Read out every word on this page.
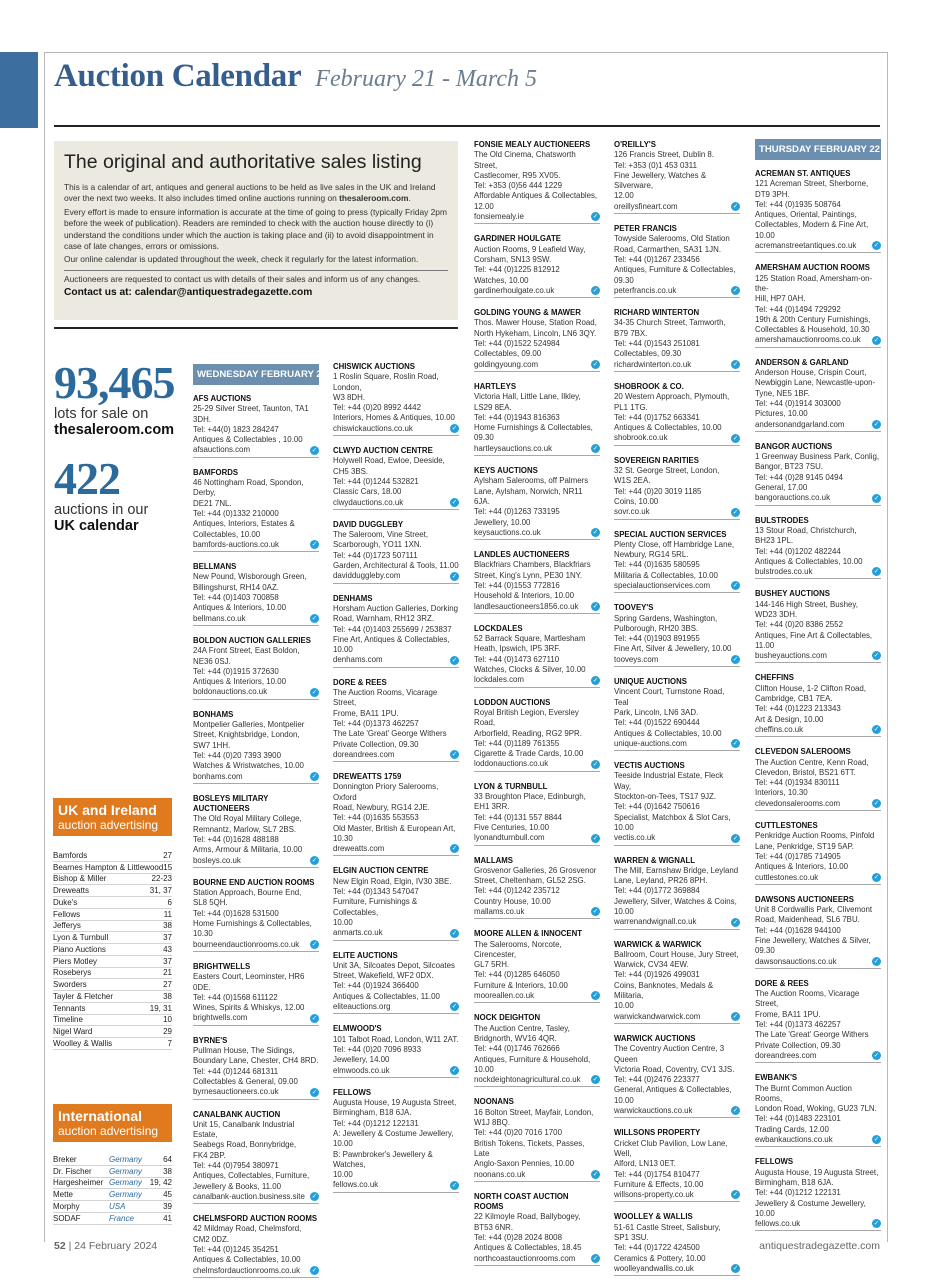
Auction Calendar February 21 - March 5
The original and authoritative sales listing

This is a calendar of art, antiques and general auctions to be held as live sales in the UK and Ireland over the next two weeks. It also includes timed online auctions running on thesaleroom.com.

Every effort is made to ensure information is accurate at the time of going to press (typically Friday 2pm before the week of publication). Readers are reminded to check with the auction house directly to (i) understand the conditions under which the auction is taking place and (ii) to avoid disappointment in case of late changes, errors or omissions.

Our online calendar is updated throughout the week, check it regularly for the latest information.

Auctioneers are requested to contact us with details of their sales and inform us of any changes.

Contact us at: calendar@antiquestradegazette.com
93,465
lots for sale on
thesaleroom.com
422
auctions in our
UK calendar
UK and Ireland
auction advertising
Bamfords	27
Bearnes Hampton & Littlewood 15
Bishop & Miller	22-23
Dreweatts	31, 37
Duke's	6
Fellows	11
Jefferys	38
Lyon & Turnbull	37
Piano Auctions	43
Piers Motley	37
Roseberys	21
Sworders	27
Tayler & Fletcher	38
Tennants	19, 31
Timeline	10
Nigel Ward	29
Woolley & Wallis	7
International
auction advertising
Breker	Germany	64
Dr. Fischer	Germany	38
Hargesheimer Germany 19, 42
Mette	Germany	45
Morphy	USA	39
SODAF	France	41
WEDNESDAY FEBRUARY 21
AFS AUCTIONS
25-29 Silver Street, Taunton, TA1 3DH.
Tel: +44(0) 1823 284247
Antiques & Collectables , 10.00
afsauctions.com	✓
BAMFORDS
46 Nottingham Road, Spondon, Derby,
DE21 7NL.
Tel: +44 (0)1332 210000
Antiques, Interiors, Estates &
Collectables, 10.00
bamfords-auctions.co.uk	✓
BELLMANS
New Pound, Wisborough Green,
Billingshurst, RH14 0AZ.
Tel: +44 (0)1403 700858
Antiques & Interiors, 10.00
bellmans.co.uk	✓
BOLDON AUCTION GALLERIES
24A Front Street, East Boldon,
NE36 0SJ.
Tel: +44 (0)1915 372630
Antiques & Interiors, 10.00
boldonauctions.co.uk	✓
BONHAMS
Montpelier Galleries, Montpelier
Street, Knightsbridge, London,
SW7 1HH.
Tel: +44 (0)20 7393 3900
Watches & Wristwatches, 10.00
bonhams.com	✓
BOSLEYS MILITARY AUCTIONEERS
The Old Royal Military College,
Remnantz, Marlow, SL7 2BS.
Tel: +44 (0)1628 488188
Arms, Armour & Militaria, 10.00
bosleys.co.uk	✓
BOURNE END AUCTION ROOMS
Station Approach, Bourne End,
SL8 5QH.
Tel: +44 (0)1628 531500
Home Furnishings & Collectables,
10.30
bourneendauctionrooms.co.uk	✓
BRIGHTWELLS
Easters Court, Leominster, HR6 0DE.
Tel: +44 (0)1568 611122
Wines, Spirits & Whiskys, 12.00
brightwells.com	✓
BYRNE'S
Pullman House, The Sidings,
Boundary Lane, Chester, CH4 8RD.
Tel: +44 (0)1244 681311
Collectables & General, 09.00
byrnesauctioneers.co.uk	✓
CANALBANK AUCTION
Unit 15, Canalbank Industrial Estate,
Seabegs Road, Bonnybridge,
FK4 2BP.
Tel: +44 (0)7954 380971
Antiques, Collectables, Furniture,
Jewellery & Books, 11.00
canalbank-auction.business.site	✓
CHELMSFORD AUCTION ROOMS
42 Mildmay Road, Chelmsford,
CM2 0DZ.
Tel: +44 (0)1245 354251
Antiques & Collectables, 10.00
chelmsfordauctionrooms.co.uk	✓
CHISWICK AUCTIONS
1 Roslin Square, Roslin Road, London,
W3 8DH.
Tel: +44 (0)20 8992 4442
Interiors, Homes & Antiques, 10.00
chiswickauctions.co.uk	✓
CLWYD AUCTION CENTRE
Holywell Road, Ewloe, Deeside,
CH5 3BS.
Tel: +44 (0)1244 532821
Classic Cars, 18.00
clwydauctions.co.uk	✓
DAVID DUGGLEBY
The Saleroom, Vine Street,
Scarborough, YO11 1XN.
Tel: +44 (0)1723 507111
Garden, Architectural & Tools, 11.00
davidduggleby.com	✓
DENHAMS
Horsham Auction Galleries, Dorking
Road, Warnham, RH12 3RZ.
Tel: +44 (0)1403 255699 / 253837
Fine Art, Antiques & Collectables,
10.00
denhams.com	✓
DORE & REES
The Auction Rooms, Vicarage Street,
Frome, BA11 1PU.
Tel: +44 (0)1373 462257
The Late 'Great' George Withers
Private Collection, 09.30
doreandrees.com	✓
DREWEATTS 1759
Donnington Priory Salerooms, Oxford
Road, Newbury, RG14 2JE.
Tel: +44 (0)1635 553553
Old Master, British & European Art,
10.30
dreweatts.com	✓
ELGIN AUCTION CENTRE
New Elgin Road, Elgin, IV30 3BE.
Tel: +44 (0)1343 547047
Furniture, Furnishings & Collectables,
10.00
anmarts.co.uk	✓
ELITE AUCTIONS
Unit 3A, Silcoates Depot, Silcoates
Street, Wakefield, WF2 0DX.
Tel: +44 (0)1924 366400
Antiques & Collectables, 11.00
eliteauctions.org	✓
ELMWOOD'S
101 Talbot Road, London, W11 2AT.
Tel: +44 (0)20 7096 8933
Jewellery, 14.00
elmwoods.co.uk	✓
FELLOWS
Augusta House, 19 Augusta Street,
Birmingham, B18 6JA.
Tel: +44 (0)1212 122131
A: Jewellery & Costume Jewellery,
10.00
B: Pawnbroker's Jewellery & Watches,
10.00
fellows.co.uk	✓
FONSIE MEALY AUCTIONEERS
The Old Cinema, Chatsworth Street,
Castlecomer, R95 XV05.
Tel: +353 (0)56 444 1229
Affordable Antiques & Collectables,
12.00
fonsiemealy.ie	✓
GARDINER HOULGATE
Auction Rooms, 9 Leafield Way,
Corsham, SN13 9SW.
Tel: +44 (0)1225 812912
Watches, 10.00
gardinerhoulgate.co.uk	✓
GOLDING YOUNG & MAWER
Thos. Mawer House, Station Road,
North Hykeham, Lincoln, LN6 3QY.
Tel: +44 (0)1522 524984
Collectables, 09.00
goldingyoung.com	✓
HARTLEYS
Victoria Hall, Little Lane, Ilkley,
LS29 8EA.
Tel: +44 (0)1943 816363
Home Furnishings & Collectables,
09.30
hartleysauctions.co.uk	✓
KEYS AUCTIONS
Aylsham Salerooms, off Palmers
Lane, Aylsham, Norwich, NR11 6JA.
Tel: +44 (0)1263 733195
Jewellery, 10.00
keysauctions.co.uk	✓
LANDLES AUCTIONEERS
Blackfriars Chambers, Blackfriars
Street, King's Lynn, PE30 1NY.
Tel: +44 (0)1553 772816
Household & Interiors, 10.00
landlesauctioneers1856.co.uk	✓
LOCKDALES
52 Barrack Square, Martlesham
Heath, Ipswich, IP5 3RF.
Tel: +44 (0)1473 627110
Watches, Clocks & Silver, 10.00
lockdales.com	✓
LODDON AUCTIONS
Royal British Legion, Eversley Road,
Arborfield, Reading, RG2 9PR.
Tel: +44 (0)1189 761355
Cigarette & Trade Cards, 10.00
loddonauctions.co.uk	✓
LYON & TURNBULL
33 Broughton Place, Edinburgh,
EH1 3RR.
Tel: +44 (0)131 557 8844
Five Centuries, 10.00
lyonandturnbull.com	✓
MALLAMS
Grosvenor Galleries, 26 Grosvenor
Street, Cheltenham, GL52 2SG.
Tel: +44 (0)1242 235712
Country House, 10.00
mallams.co.uk	✓
MOORE ALLEN & INNOCENT
The Salerooms, Norcote, Cirencester,
GL7 5RH.
Tel: +44 (0)1285 646050
Furniture & Interiors, 10.00
mooreallen.co.uk	✓
NOCK DEIGHTON
The Auction Centre, Tasley,
Bridgnorth, WV16 4QR.
Tel: +44 (0)1746 762666
Antiques, Furniture & Household,
10.00
nockdeightonagricultural.co.uk	✓
NOONANS
16 Bolton Street, Mayfair, London,
W1J 8BQ.
Tel: +44 (0)20 7016 1700
British Tokens, Tickets, Passes, Late
Anglo-Saxon Pennies, 10.00
noonans.co.uk	✓
NORTH COAST AUCTION ROOMS
22 Kilmoyle Road, Ballybogey,
BT53 6NR.
Tel: +44 (0)28 2024 8008
Antiques & Collectables, 18.45
northcoastauctionrooms.com	✓
O'REILLY'S
126 Francis Street, Dublin 8.
Tel: +353 (0)1 453 0311
Fine Jewellery, Watches & Silverware,
12.00
oreillysfineart.com	✓
PETER FRANCIS
Towyside Salerooms, Old Station
Road, Carmarthen, SA31 1JN.
Tel: +44 (0)1267 233456
Antiques, Furniture & Collectables,
09.30
peterfrancis.co.uk	✓
RICHARD WINTERTON
34-35 Church Street, Tamworth,
B79 7BX.
Tel: +44 (0)1543 251081
Collectables, 09.30
richardwinterton.co.uk	✓
SHOBROOK & CO.
20 Western Approach, Plymouth,
PL1 1TG.
Tel: +44 (0)1752 663341
Antiques & Collectables, 10.00
shobrook.co.uk	✓
SOVEREIGN RARITIES
32 St. George Street, London,
W1S 2EA.
Tel: +44 (0)20 3019 1185
Coins, 10.00
sovr.co.uk	✓
SPECIAL AUCTION SERVICES
Plenty Close, off Hambridge Lane,
Newbury, RG14 5RL.
Tel: +44 (0)1635 580595
Militaria & Collectables, 10.00
specialauctionservices.com	✓
TOOVEY'S
Spring Gardens, Washington,
Pulborough, RH20 3BS.
Tel: +44 (0)1903 891955
Fine Art, Silver & Jewellery, 10.00
tooveys.com	✓
UNIQUE AUCTIONS
Vincent Court, Turnstone Road, Teal
Park, Lincoln, LN6 3AD.
Tel: +44 (0)1522 690444
Antiques & Collectables, 10.00
unique-auctions.com	✓
VECTIS AUCTIONS
Teeside Industrial Estate, Fleck Way,
Stockton-on-Tees, TS17 9JZ.
Tel: +44 (0)1642 750616
Specialist, Matchbox & Slot Cars,
10.00
vectis.co.uk	✓
WARREN & WIGNALL
The Mill, Earnshaw Bridge, Leyland
Lane, Leyland, PR26 8PH.
Tel: +44 (0)1772 369884
Jewellery, Silver, Watches & Coins,
10.00
warrenandwignall.co.uk	✓
WARWICK & WARWICK
Ballroom, Court House, Jury Street,
Warwick, CV34 4EW.
Tel: +44 (0)1926 499031
Coins, Banknotes, Medals & Militaria,
10.00
warwickandwarwick.com	✓
WARWICK AUCTIONS
The Coventry Auction Centre, 3 Queen
Victoria Road, Coventry, CV1 3JS.
Tel: +44 (0)2476 223377
General, Antiques & Collectables,
10.00
warwickauctions.co.uk	✓
WILLSONS PROPERTY
Cricket Club Pavilion, Low Lane, Well,
Alford, LN13 0ET.
Tel: +44 (0)1754 810477
Furniture & Effects, 10.00
willsons-property.co.uk	✓
WOOLLEY & WALLIS
51-61 Castle Street, Salisbury,
SP1 3SU.
Tel: +44 (0)1722 424500
Ceramics & Pottery, 10.00
woolleyandwallis.co.uk	✓
THURSDAY FEBRUARY 22
ACREMAN ST. ANTIQUES
121 Acreman Street, Sherborne,
DT9 3PH.
Tel: +44 (0)1935 508764
Antiques, Oriental, Paintings,
Collectables, Modern & Fine Art, 10.00
acremanstreetantiques.co.uk	✓
AMERSHAM AUCTION ROOMS
125 Station Road, Amersham-on-the-
Hill, HP7 0AH.
Tel: +44 (0)1494 729292
19th & 20th Century Furnishings,
Collectables & Household, 10.30
amershamauctionrooms.co.uk	✓
ANDERSON & GARLAND
Anderson House, Crispin Court,
Newbiggin Lane, Newcastle-upon-
Tyne, NE5 1BF.
Tel: +44 (0)1914 303000
Pictures, 10.00
andersonandgarland.com	✓
BANGOR AUCTIONS
1 Greenway Business Park, Conlig,
Bangor, BT23 7SU.
Tel: +44 (0)28 9145 0494
General, 17.00
bangorauctions.co.uk	✓
BULSTRODES
13 Stour Road, Christchurch,
BH23 1PL.
Tel: +44 (0)1202 482244
Antiques & Collectables, 10.00
bulstrodes.co.uk	✓
BUSHEY AUCTIONS
144-146 High Street, Bushey,
WD23 3DH.
Tel: +44 (0)20 8386 2552
Antiques, Fine Art & Collectables,
11.00
busheyauctions.com	✓
CHEFFINS
Clifton House, 1-2 Clifton Road,
Cambridge, CB1 7EA.
Tel: +44 (0)1223 213343
Art & Design, 10.00
cheffins.co.uk	✓
CLEVEDON SALEROOMS
The Auction Centre, Kenn Road,
Clevedon, Bristol, BS21 6TT.
Tel: +44 (0)1934 830111
Interiors, 10.30
clevedonsalerooms.com	✓
CUTTLESTONES
Penkridge Auction Rooms, Pinfold
Lane, Penkridge, ST19 5AP.
Tel: +44 (0)1785 714905
Antiques & Interiors, 10.00
cuttlestones.co.uk	✓
DAWSONS AUCTIONEERS
Unit 8 Cordwallis Park, Clivemont
Road, Maidenhead, SL6 7BU.
Tel: +44 (0)1628 944100
Fine Jewellery, Watches & Silver,
09.30
dawsonsauctions.co.uk	✓
DORE & REES
The Auction Rooms, Vicarage Street,
Frome, BA11 1PU.
Tel: +44 (0)1373 462257
The Late 'Great' George Withers
Private Collection, 09.30
doreandrees.com	✓
EWBANK'S
The Burnt Common Auction Rooms,
London Road, Woking, GU23 7LN.
Tel: +44 (0)1483 223101
Trading Cards, 12.00
ewbankauctions.co.uk	✓
FELLOWS
Augusta House, 19 Augusta Street,
Birmingham, B18 6JA.
Tel: +44 (0)1212 122131
Jewellery & Costume Jewellery, 10.00
fellows.co.uk	✓
52 | 24 February 2024	antiquestradegazette.com
